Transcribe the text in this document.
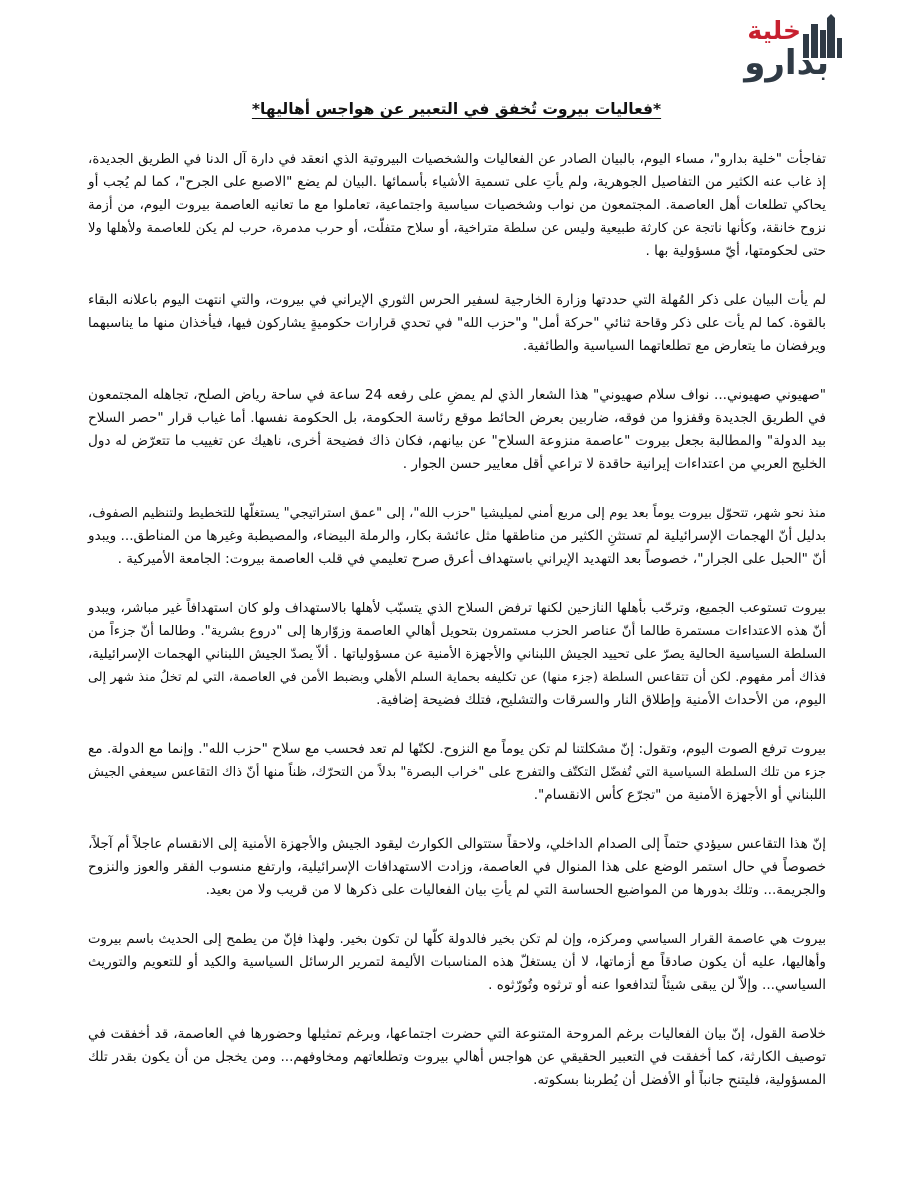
خلية
بدارو
*فعاليات بيروت تُخفق في التعبير عن هواجس أهاليها*
تفاجأت "خلية بدارو"، مساء اليوم، بالبيان الصادر عن الفعاليات والشخصيات البيروتية الذي انعقد في دارة آل الدنا في الطريق الجديدة،
إذ غاب عنه الكثير من التفاصيل الجوهرية، ولم يأتِ على تسمية الأشياء بأسمائها .البيان لم يضع "الاصبع على الجرح"، كما لم يُجب أو
يحاكي تطلعات أهل العاصمة. المجتمعون من نواب وشخصيات سياسية واجتماعية، تعاملوا مع ما تعانيه العاصمة بيروت اليوم، من أزمة
نزوح خانقة، وكأنها ناتجة عن كارثة طبيعية وليس عن سلطة متراخية، أو سلاح متفلّت، أو حرب مدمرة، حرب لم يكن للعاصمة ولأهلها ولا
حتى لحكومتها، أيّ مسؤولية بها .
لم يأت البيان على ذكر المُهلة التي حددتها وزارة الخارجية لسفير الحرس الثوري الإيراني في بيروت، والتي انتهت اليوم باعلانه البقاء
بالقوة. كما لم يأت على ذكر وقاحة ثنائي "حركة أمل" و"حزب الله" في تحدي قرارات حكوميةٍ يشاركون فيها، فيأخذان منها ما يناسبهما
ويرفضان ما يتعارض مع تطلعاتهما السياسية والطائفية.
"صهيوني صهيوني... نواف سلام صهيوني" هذا الشعار الذي لم يمضِ على رفعه 24 ساعة في ساحة رياض الصلح، تجاهله المجتمعون
في الطريق الجديدة وقفزوا من فوقه، ضاربين بعرض الحائط موقع رئاسة الحكومة، بل الحكومة نفسها. أما غياب قرار "حصر السلاح
بيد الدولة" والمطالبة بجعل بيروت "عاصمة منزوعة السلاح" عن بيانهم، فكان ذاك فضيحة أخرى، ناهيك عن تغييب ما تتعرّض له دول
الخليج العربي من اعتداءات إيرانية حاقدة لا تراعي أقل معايير حسن الجوار .
منذ نحو شهر، تتحوّل بيروت يوماً بعد يوم إلى مربع أمني لميليشيا "حزب الله"، إلى "عمق استراتيجي" يستغلّها للتخطيط ولتنظيم الصفوف،
بدليل أنّ الهجمات الإسرائيلية لم تستثنِ الكثير من مناطقها مثل عائشة بكار، والرملة البيضاء، والمصيطبة وغيرها من المناطق... ويبدو
أنّ "الحبل على الجرار"، خصوصاً بعد التهديد الإيراني باستهداف أعرق صرح تعليمي في قلب العاصمة بيروت: الجامعة الأميركية .
بيروت تستوعب الجميع، وترحّب بأهلها النازحين لكنها ترفض السلاح الذي يتسبّب لأهلها بالاستهداف ولو كان استهدافاً غير مباشر، ويبدو
أنّ هذه الاعتداءات مستمرة طالما أنّ عناصر الحزب مستمرون بتحويل أهالي العاصمة وزوّارها إلى "دروع بشرية". وطالما أنّ جزءاً من
السلطة السياسية الحالية يصرّ على تحييد الجيش اللبناني والأجهزة الأمنية عن مسؤولياتها . ألاّ يصدّ الجيش اللبناني الهجمات الإسرائيلية،
فذاك أمر مفهوم. لكن أن تتقاعس السلطة (جزء منها) عن تكليفه بحماية السلم الأهلي وبضبط الأمن في العاصمة، التي لم تخلُ منذ شهر إلى
اليوم، من الأحداث الأمنية وإطلاق النار والسرقات والتشليح، فتلك فضيحة إضافية.
بيروت ترفع الصوت اليوم، وتقول: إنّ مشكلتنا لم تكن يوماً مع النزوح. لكنّها لم تعد فحسب مع سلاح "حزب الله". وإنما مع الدولة. مع
جزء من تلك السلطة السياسية التي تُفضّل التكتّف والتفرج على "خراب البصرة" بدلاً من التحرّك، ظناً منها أنّ ذاك التقاعس سيعفي الجيش
اللبناني أو الأجهزة الأمنية من "تجرّع كأس الانقسام".
إنّ هذا التقاعس سيؤدي حتماً إلى الصدام الداخلي، ولاحقاً ستتوالى الكوارث ليقود الجيش والأجهزة الأمنية إلى الانقسام عاجلاً أم آجلاً،
خصوصاً في حال استمر الوضع على هذا المنوال في العاصمة، وزادت الاستهدافات الإسرائيلية، وارتفع منسوب الفقر والعوز والنزوح
والجريمة... وتلك بدورها من المواضيع الحساسة التي لم يأتِ بيان الفعاليات على ذكرها لا من قريب ولا من بعيد.
بيروت هي عاصمة القرار السياسي ومركزه، وإن لم تكن بخير فالدولة كلّها لن تكون بخير. ولهذا فإنّ من يطمح إلى الحديث باسم بيروت
وأهاليها، عليه أن يكون صادقاً مع أزماتها، لا أن يستغلّ هذه المناسبات الأليمة لتمرير الرسائل السياسية والكيد أو للتعويم والتوريث
السياسي... وإلاّ لن يبقى شيئاً لتدافعوا عنه أو ترثوه وتُورّثوه .
خلاصة القول، إنّ بيان الفعاليات برغم المروحة المتنوعة التي حضرت اجتماعها، وبرغم تمثيلها وحضورها في العاصمة، قد أخفقت في
توصيف الكارثة، كما أخفقت في التعبير الحقيقي عن هواجس أهالي بيروت وتطلعاتهم ومخاوفهم... ومن يخجل من أن يكون بقدر تلك
المسؤولية، فليتنح جانباً أو الأفضل أن يُطربنا بسكوته.
